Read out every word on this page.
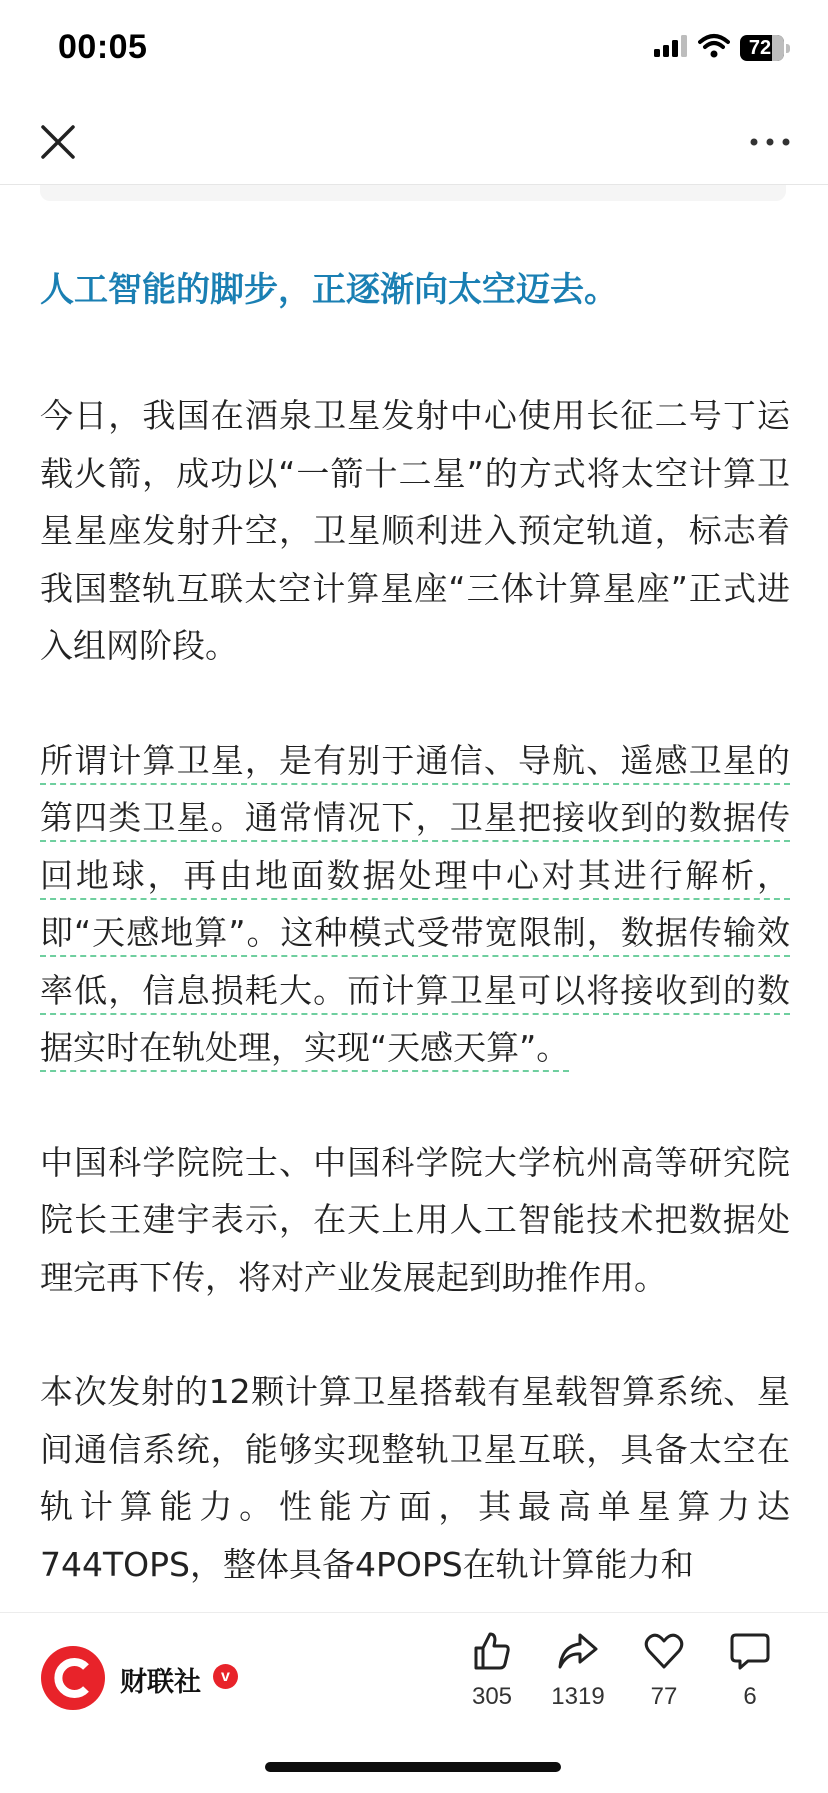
00:05	72

人工智能的脚步，正逐渐向太空迈去。

今日，我国在酒泉卫星发射中心使用长征二号丁运载火箭，成功以“一箭十二星”的方式将太空计算卫星星座发射升空，卫星顺利进入预定轨道，标志着我国整轨互联太空计算星座“三体计算星座”正式进入组网阶段。

所谓计算卫星，是有别于通信、导航、遥感卫星的第四类卫星。通常情况下，卫星把接收到的数据传回地球，再由地面数据处理中心对其进行解析，即“天感地算”。这种模式受带宽限制，数据传输效率低，信息损耗大。而计算卫星可以将接收到的数据实时在轨处理，实现“天感天算”。

中国科学院院士、中国科学院大学杭州高等研究院院长王建宇表示，在天上用人工智能技术把数据处理完再下传，将对产业发展起到助推作用。

本次发射的12颗计算卫星搭载有星载智算系统、星间通信系统，能够实现整轨卫星互联，具备太空在轨计算能力。性能方面，其最高单星算力达744TOPS，整体具备4POPS在轨计算能力和

财联社	v
305	1319	77	6
